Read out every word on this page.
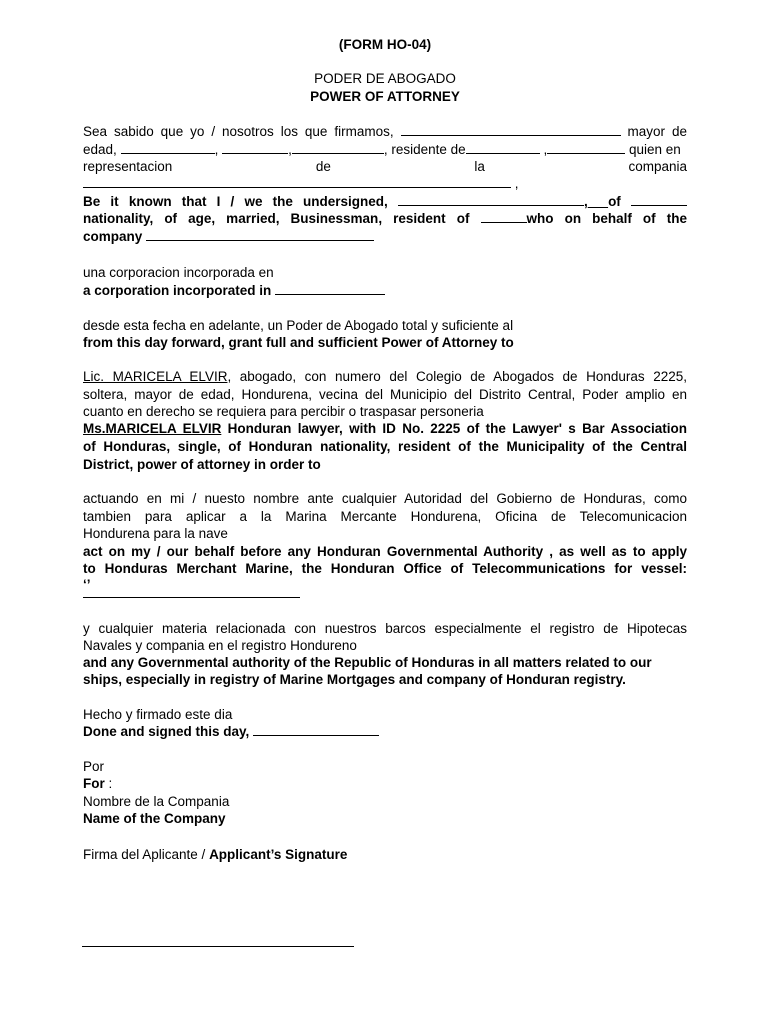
(FORM HO-04)

PODER DE ABOGADO

POWER OF ATTORNEY

Sea sabido que yo / nosotros los que firmamos,	mayor de

edad,	,	,	, residente de	,	quien en

representacion	de	la	compania

,

Be it known that I / we the undersigned,	, of

nationality, of age, married, Businessman, resident of	who on behalf of the

company

una corporacion incorporada en

a corporation incorporated in

desde esta fecha en adelante, un Poder de Abogado total y suficiente al

from this day forward, grant full and sufficient Power of Attorney to

Lic. MARICELA ELVIR, abogado, con numero del Colegio de Abogados de Honduras 2225,

soltera, mayor de edad, Hondurena, vecina del Municipio del Distrito Central, Poder amplio en

cuanto en derecho se requiera para percibir o traspasar personeria

Ms.MARICELA ELVIR Honduran lawyer, with ID No. 2225 of the Lawyer' s Bar Association

of Honduras, single, of Honduran nationality, resident of the Municipality of the Central

District, power of attorney in order to

actuando en mi / nuesto nombre ante cualquier Autoridad del Gobierno de Honduras, como

tambien para aplicar a la Marina Mercante Hondurena, Oficina de Telecomunicacion

Hondurena para la nave

act on my / our behalf before any Honduran Governmental Authority , as well as to apply

to Honduras Merchant Marine, the Honduran Office of Telecommunications for vessel:

‘’

y cualquier materia relacionada con nuestros barcos especialmente el registro de Hipotecas

Navales y compania en el registro Hondureno

and any Governmental authority of the Republic of Honduras in all matters related to our

ships, especially in registry of Marine Mortgages and company of Honduran registry.

Hecho y firmado este dia

Done and signed this day,

Por

For :

Nombre de la Compania

Name of the Company

Firma del Aplicante / Applicant’s Signature
